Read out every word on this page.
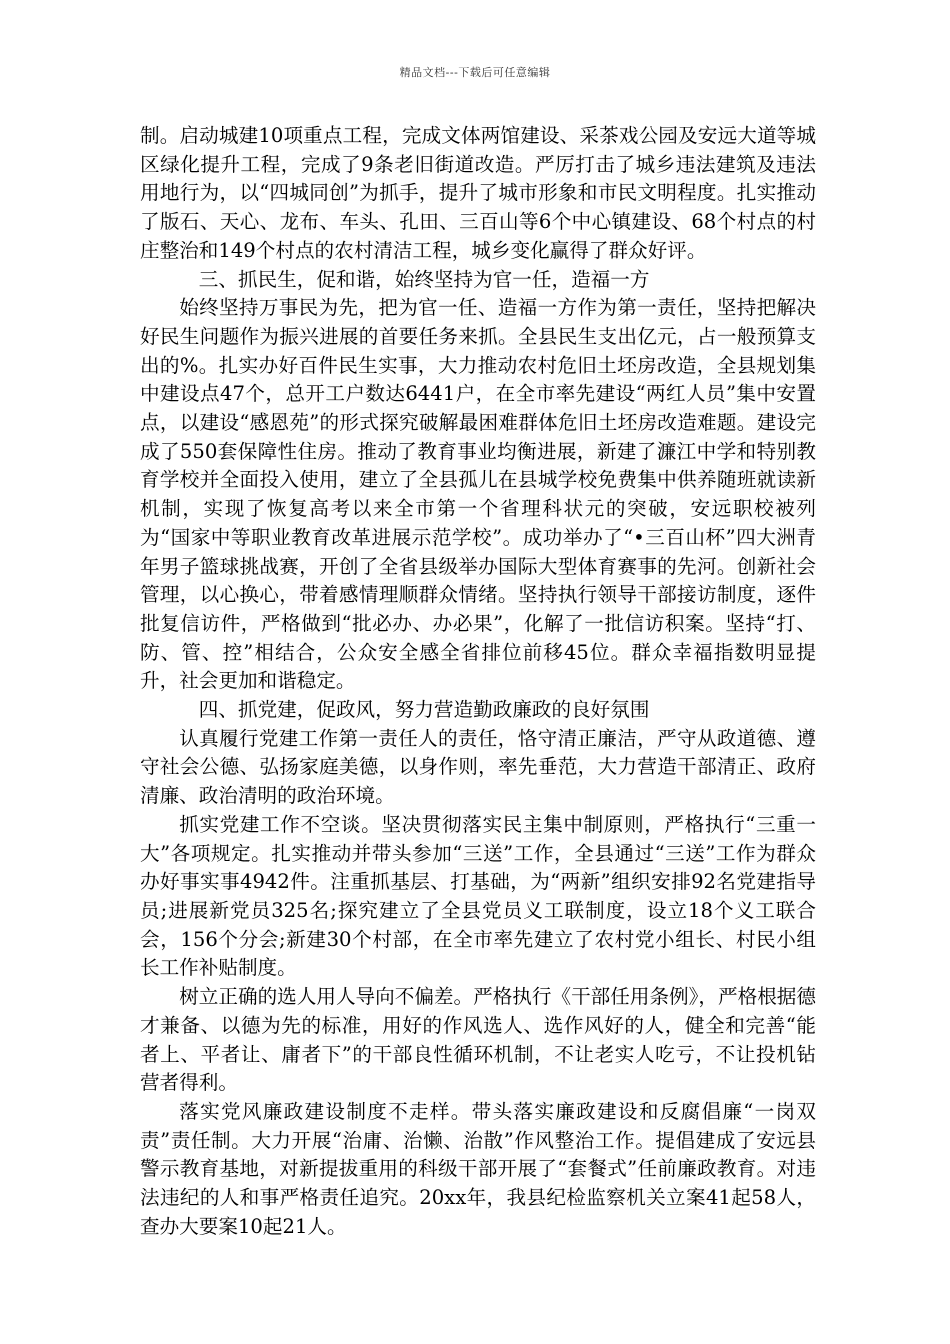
精品文档---下载后可任意编辑

制。启动城建10项重点工程，完成文体两馆建设、采茶戏公园及安远大道等城区绿化提升工程，完成了9条老旧街道改造。严厉打击了城乡违法建筑及违法用地行为，以“四城同创”为抓手，提升了城市形象和市民文明程度。扎实推动了版石、天心、龙布、车头、孔田、三百山等6个中心镇建设、68个村点的村庄整治和149个村点的农村清洁工程，城乡变化赢得了群众好评。

三、抓民生，促和谐，始终坚持为官一任，造福一方

始终坚持万事民为先，把为官一任、造福一方作为第一责任，坚持把解决好民生问题作为振兴进展的首要任务来抓。全县民生支出亿元，占一般预算支出的%。扎实办好百件民生实事，大力推动农村危旧土坯房改造，全县规划集中建设点47个，总开工户数达6441户，在全市率先建设“两红人员”集中安置点，以建设“感恩苑”的形式探究破解最困难群体危旧土坯房改造难题。建设完成了550套保障性住房。推动了教育事业均衡进展，新建了濂江中学和特别教育学校并全面投入使用，建立了全县孤儿在县城学校免费集中供养随班就读新机制，实现了恢复高考以来全市第一个省理科状元的突破，安远职校被列为“国家中等职业教育改革进展示范学校”。成功举办了“•三百山杯”四大洲青年男子篮球挑战赛，开创了全省县级举办国际大型体育赛事的先河。创新社会管理，以心换心，带着感情理顺群众情绪。坚持执行领导干部接访制度，逐件批复信访件，严格做到“批必办、办必果”，化解了一批信访积案。坚持“打、防、管、控”相结合，公众安全感全省排位前移45位。群众幸福指数明显提升，社会更加和谐稳定。

四、抓党建，促政风，努力营造勤政廉政的良好氛围

认真履行党建工作第一责任人的责任，恪守清正廉洁，严守从政道德、遵守社会公德、弘扬家庭美德，以身作则，率先垂范，大力营造干部清正、政府清廉、政治清明的政治环境。

抓实党建工作不空谈。坚决贯彻落实民主集中制原则，严格执行“三重一大”各项规定。扎实推动并带头参加“三送”工作，全县通过“三送”工作为群众办好事实事4942件。注重抓基层、打基础，为“两新”组织安排92名党建指导员;进展新党员325名;探究建立了全县党员义工联制度，设立18个义工联合会，156个分会;新建30个村部，在全市率先建立了农村党小组长、村民小组长工作补贴制度。

树立正确的选人用人导向不偏差。严格执行《干部任用条例》，严格根据德才兼备、以德为先的标准，用好的作风选人、选作风好的人，健全和完善“能者上、平者让、庸者下”的干部良性循环机制，不让老实人吃亏，不让投机钻营者得利。

落实党风廉政建设制度不走样。带头落实廉政建设和反腐倡廉“一岗双责”责任制。大力开展“治庸、治懒、治散”作风整治工作。提倡建成了安远县警示教育基地，对新提拔重用的科级干部开展了“套餐式”任前廉政教育。对违法违纪的人和事严格责任追究。20xx年，我县纪检监察机关立案41起58人，查办大要案10起21人。
